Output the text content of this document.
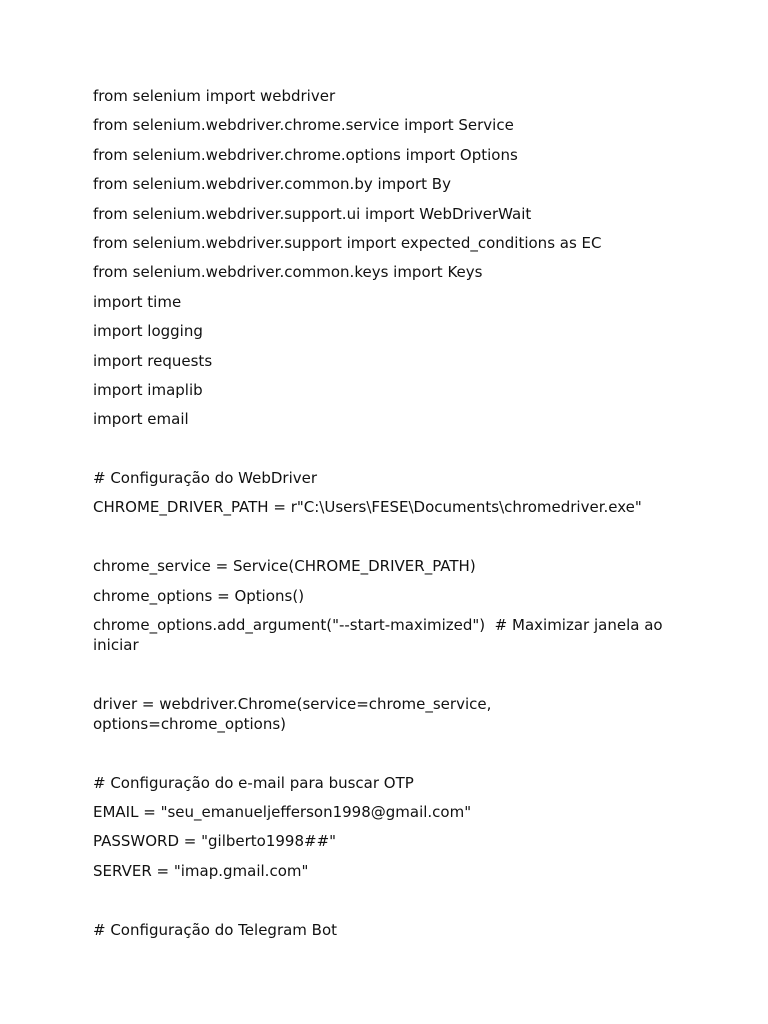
from selenium import webdriver
from selenium.webdriver.chrome.service import Service
from selenium.webdriver.chrome.options import Options
from selenium.webdriver.common.by import By
from selenium.webdriver.support.ui import WebDriverWait
from selenium.webdriver.support import expected_conditions as EC
from selenium.webdriver.common.keys import Keys
import time
import logging
import requests
import imaplib
import email
# Configuração do WebDriver
CHROME_DRIVER_PATH = r"C:\Users\FESE\Documents\chromedriver.exe"
chrome_service = Service(CHROME_DRIVER_PATH)
chrome_options = Options()
chrome_options.add_argument("--start-maximized")  # Maximizar janela ao iniciar
driver = webdriver.Chrome(service=chrome_service, options=chrome_options)
# Configuração do e-mail para buscar OTP
EMAIL = "seu_emanueljefferson1998@gmail.com"
PASSWORD = "gilberto1998##"
SERVER = "imap.gmail.com"
# Configuração do Telegram Bot
